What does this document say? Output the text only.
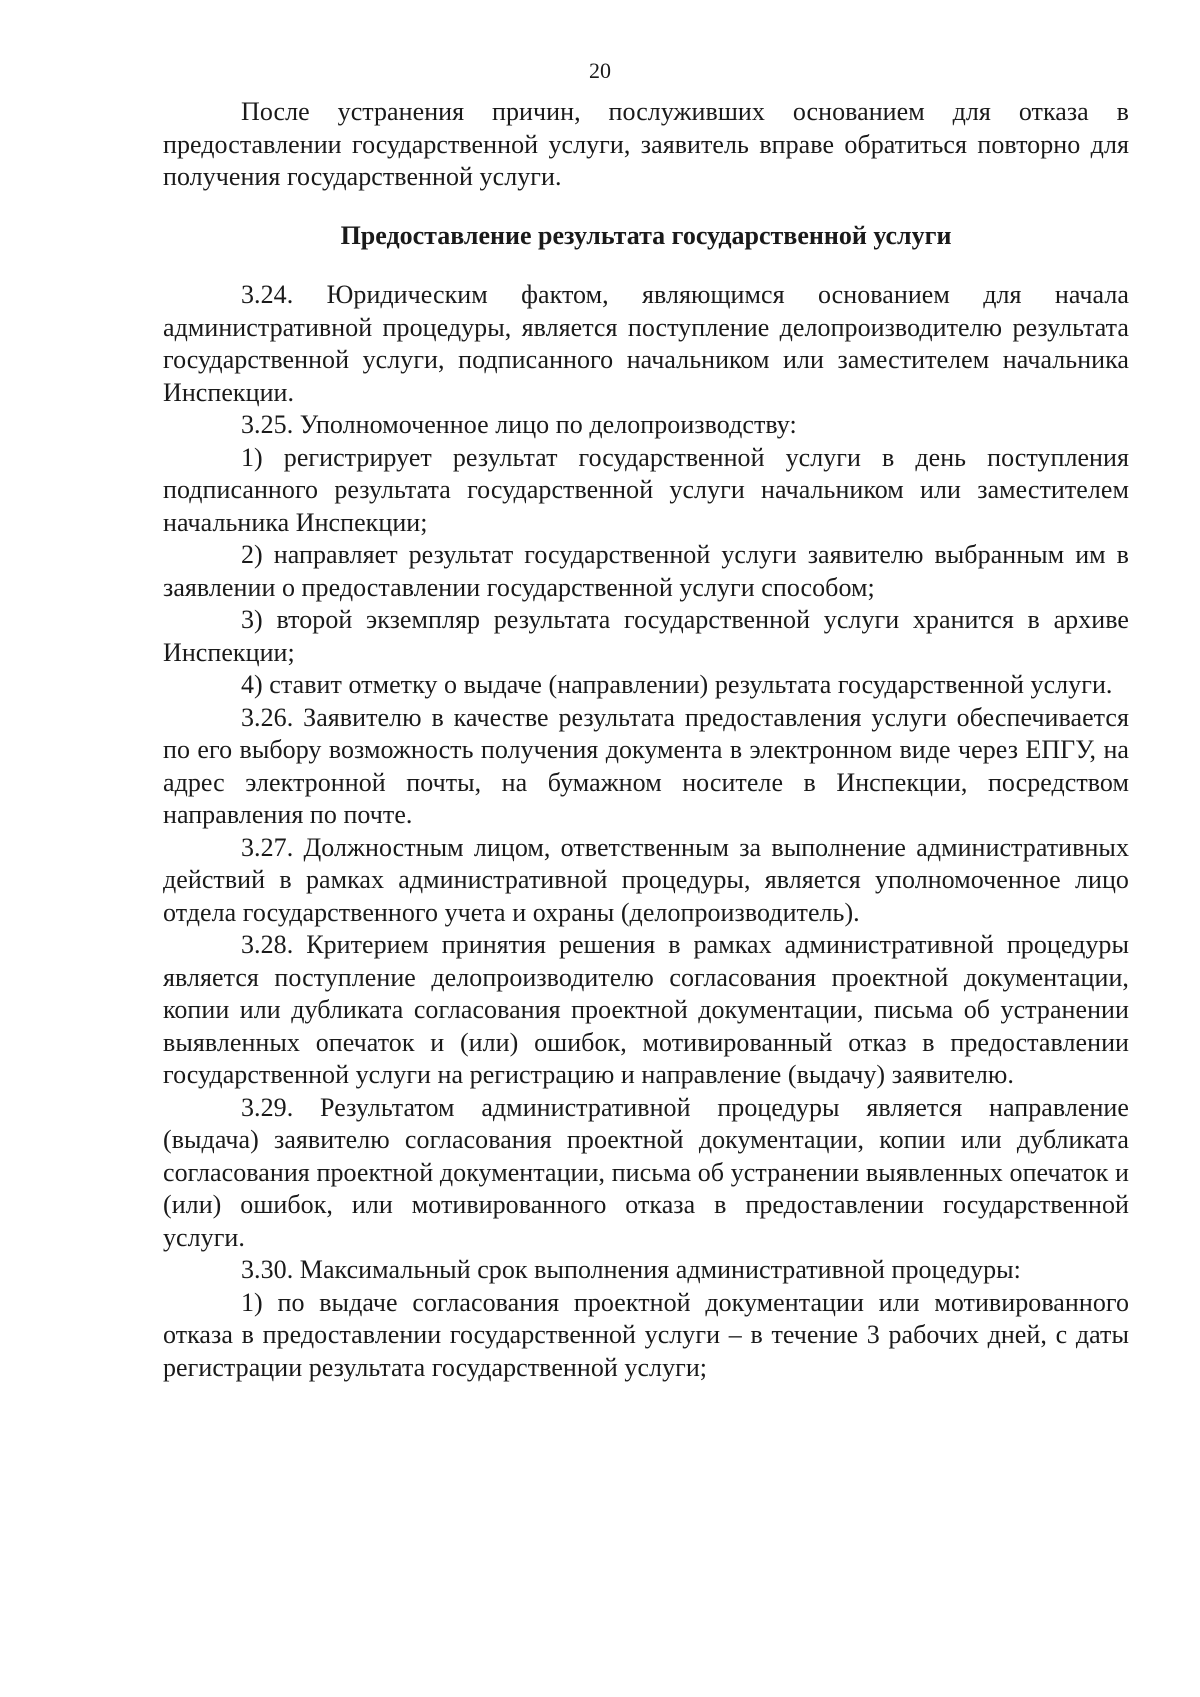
20

После устранения причин, послуживших основанием для отказа в предоставлении государственной услуги, заявитель вправе обратиться повторно для получения государственной услуги.

Предоставление результата государственной услуги

3.24. Юридическим фактом, являющимся основанием для начала административной процедуры, является поступление делопроизводителю результата государственной услуги, подписанного начальником или заместителем начальника Инспекции.

3.25. Уполномоченное лицо по делопроизводству:

1) регистрирует результат государственной услуги в день поступления подписанного результата государственной услуги начальником или заместителем начальника Инспекции;

2) направляет результат государственной услуги заявителю выбранным им в заявлении о предоставлении государственной услуги способом;

3) второй экземпляр результата государственной услуги хранится в архиве Инспекции;

4) ставит отметку о выдаче (направлении) результата государственной услуги.

3.26. Заявителю в качестве результата предоставления услуги обеспечивается по его выбору возможность получения документа в электронном виде через ЕПГУ, на адрес электронной почты, на бумажном носителе в Инспекции, посредством направления по почте.

3.27. Должностным лицом, ответственным за выполнение административных действий в рамках административной процедуры, является уполномоченное лицо отдела государственного учета и охраны (делопроизводитель).

3.28. Критерием принятия решения в рамках административной процедуры является поступление делопроизводителю согласования проектной документации, копии или дубликата согласования проектной документации, письма об устранении выявленных опечаток и (или) ошибок, мотивированный отказ в предоставлении государственной услуги на регистрацию и направление (выдачу) заявителю.

3.29. Результатом административной процедуры является направление (выдача) заявителю согласования проектной документации, копии или дубликата согласования проектной документации, письма об устранении выявленных опечаток и (или) ошибок, или мотивированного отказа в предоставлении государственной услуги.

3.30. Максимальный срок выполнения административной процедуры:

1) по выдаче согласования проектной документации или мотивированного отказа в предоставлении государственной услуги – в течение 3 рабочих дней, с даты регистрации результата государственной услуги;
